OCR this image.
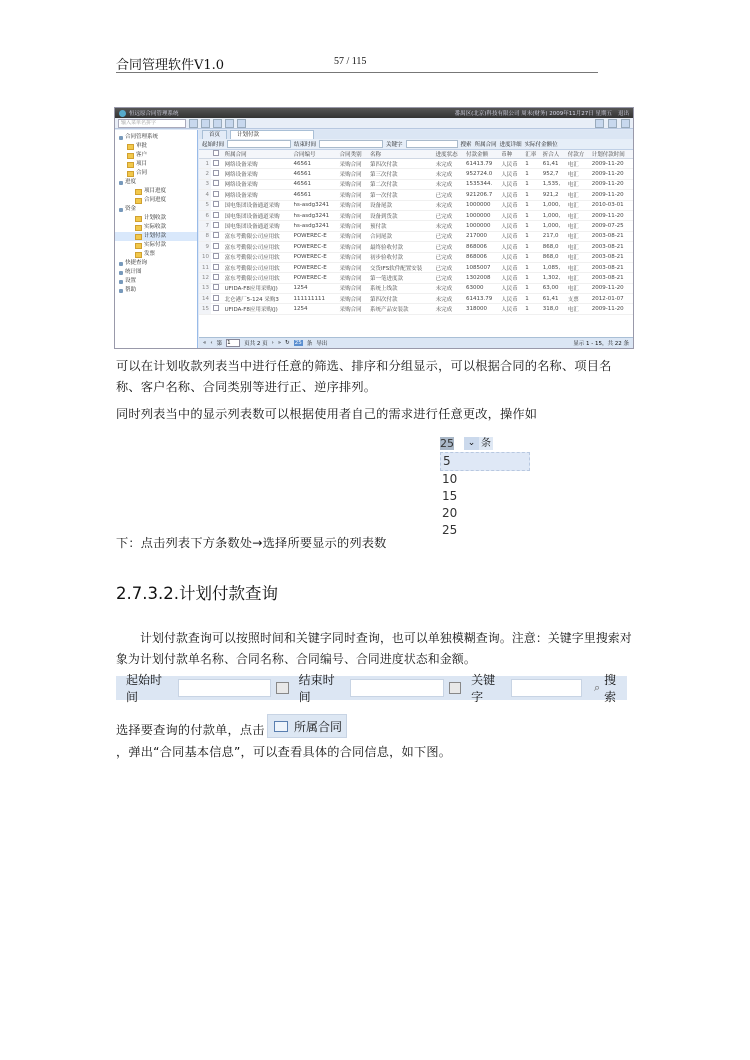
合同管理软件V1.0	57 / 115
恒远原合同管理系统	番禺区(北京)科技有限公司 周末(财务) 2009年11月27日 星期五 退出
输入菜单名拼字
合同管理系统
审批
客户
项目
合同
进度
项目进度
合同进度
资金
计划收款
实际收款
计划付款
实际付款
发票
快捷查询
统计图
设置
帮助
首页	计划付款
起始时间	结束时间	关键字	搜索 所属合同 进度详细 实际付金额位
		所属合同	合同编号	合同类别	名称	进度状态	付款金额	币种	汇率	折合人	付款方	计划付款时间
1		网络设备采购	46561	采购合同	第四次付款	未完成	61413.79	人民币	1	61,41	电汇	2009-11-20
2		网络设备采购	46561	采购合同	第三次付款	未完成	952724.0	人民币	1	952,7	电汇	2009-11-20
3		网络设备采购	46561	采购合同	第二次付款	未完成	1535344.	人民币	1	1,535,	电汇	2009-11-20
4		网络设备采购	46561	采购合同	第一次付款	已完成	921206.7	人民币	1	921,2	电汇	2009-11-20
5		国电集团设备通道采购	hs-asdg3241	采购合同	设备尾款	未完成	1000000	人民币	1	1,000,	电汇	2010-03-01
6		国电集团设备通道采购	hs-asdg3241	采购合同	设备到货款	已完成	1000000	人民币	1	1,000,	电汇	2009-11-20
7		国电集团设备通道采购	hs-asdg3241	采购合同	预付款	未完成	1000000	人民币	1	1,000,	电汇	2009-07-25
8		富东考勤限公司应用软	POWEREC-E	采购合同	合同尾款	已完成	217000	人民币	1	217,0	电汇	2003-08-21
9		富东考勤限公司应用软	POWEREC-E	采购合同	最终验收付款	已完成	868006	人民币	1	868,0	电汇	2003-08-21
10		富东考勤限公司应用软	POWEREC-E	采购合同	初步验收付款	已完成	868006	人民币	1	868,0	电汇	2003-08-21
11		富东考勤限公司应用软	POWEREC-E	采购合同	交货IFS软件配置安装	已完成	1085007	人民币	1	1,085,	电汇	2003-08-21
12		富东考勤限公司应用软	POWEREC-E	采购合同	第一笔进度款	已完成	1302008	人民币	1	1,302,	电汇	2003-08-21
13		UFIDA-F8应用采购(J)	1254	采购合同	系统上线款	未完成	63000	人民币	1	63,00	电汇	2009-11-20
14		北仑港厂5-124 采购3	111111111	采购合同	第四次付款	未完成	61413.79	人民币	1	61,41	支票	2012-01-07
15		UFIDA-F8应用采购(J)	1254	采购合同	系统产品安装款	未完成	318000	人民币	1	318,0	电汇	2009-11-20
« ‹ 第 1	页共 2 页 › » ↻ 25 条 导出	显示 1 - 15，共 22 条
可以在计划收款列表当中进行任意的筛选、排序和分组显示，可以根据合同的名称、项目名称、客户名称、合同类别等进行正、逆序排列。
同时列表当中的显示列表数可以根据使用者自己的需求进行任意更改，操作如
25	⌄ 条
5
10
15
20
25
下：点击列表下方条数处→选择所要显示的列表数
2.7.3.2.计划付款查询
计划付款查询可以按照时间和关键字同时查询，也可以单独模糊查询。注意：关键字里搜索对象为计划付款单名称、合同名称、合同编号、合同进度状态和金额。
起始时间
结束时间
关键字
⌕
搜索
选择要查询的付款单，点击 所属合同
，弹出“合同基本信息”，可以查看具体的合同信息，如下图。
